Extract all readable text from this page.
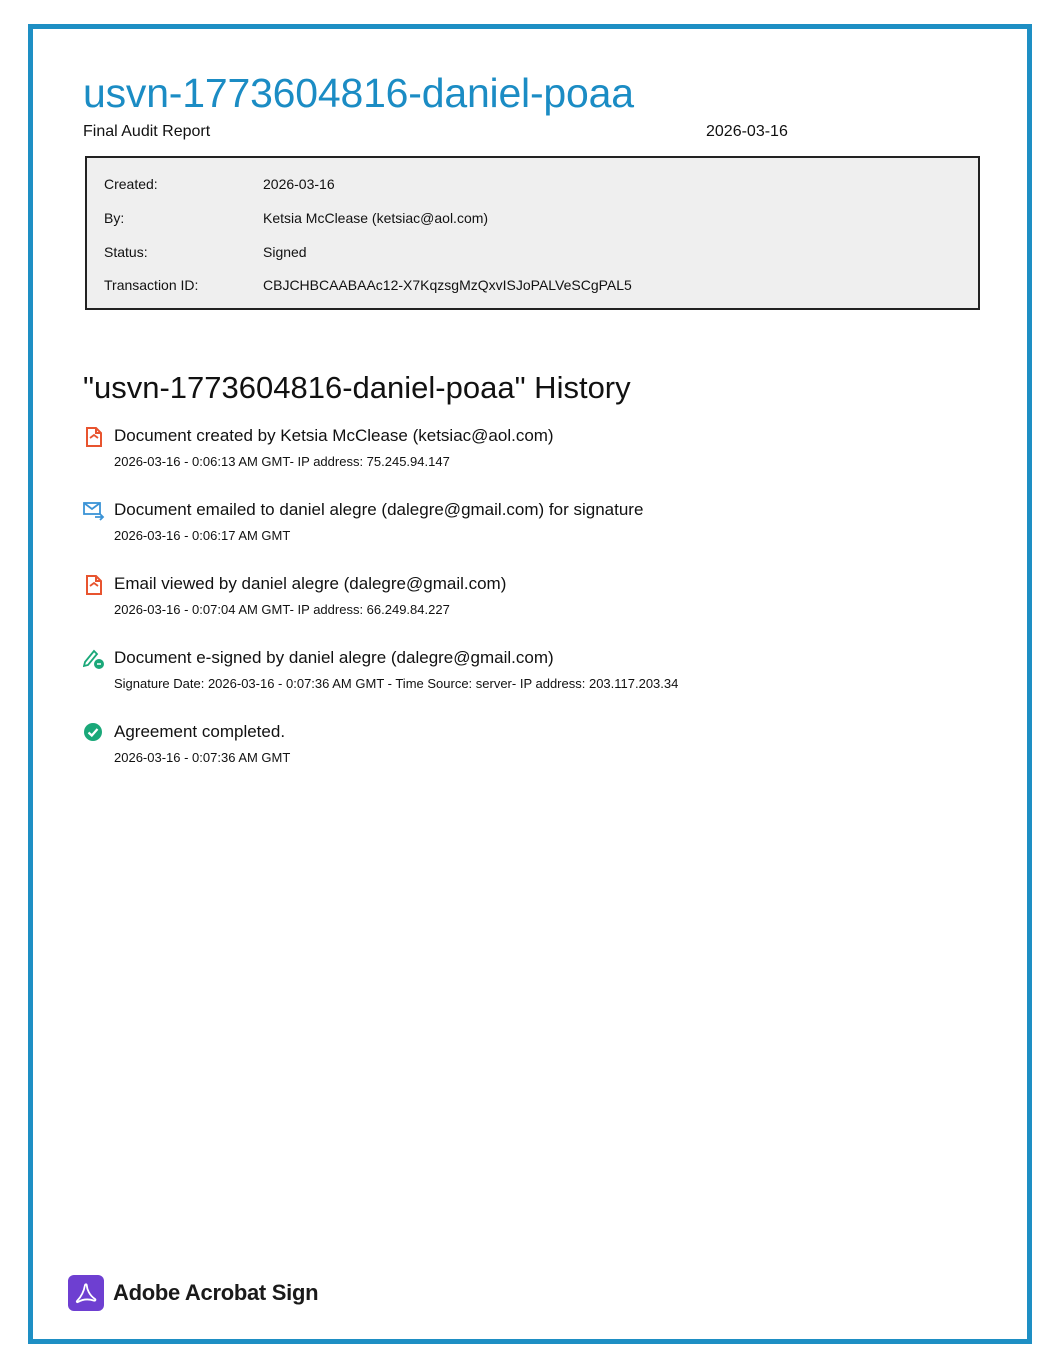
usvn-1773604816-daniel-poaa
Final Audit Report	2026-03-16
Created:	2026-03-16
By:	Ketsia McClease (ketsiac@aol.com)
Status:	Signed
Transaction ID:	CBJCHBCAABAAc12-X7KqzsgMzQxvISJoPALVeSCgPAL5
"usvn-1773604816-daniel-poaa" History
Document created by Ketsia McClease (ketsiac@aol.com)
2026-03-16 - 0:06:13 AM GMT- IP address: 75.245.94.147
Document emailed to daniel alegre (dalegre@gmail.com) for signature
2026-03-16 - 0:06:17 AM GMT
Email viewed by daniel alegre (dalegre@gmail.com)
2026-03-16 - 0:07:04 AM GMT- IP address: 66.249.84.227
Document e-signed by daniel alegre (dalegre@gmail.com)
Signature Date: 2026-03-16 - 0:07:36 AM GMT - Time Source: server- IP address: 203.117.203.34
Agreement completed.
2026-03-16 - 0:07:36 AM GMT
Adobe Acrobat Sign
